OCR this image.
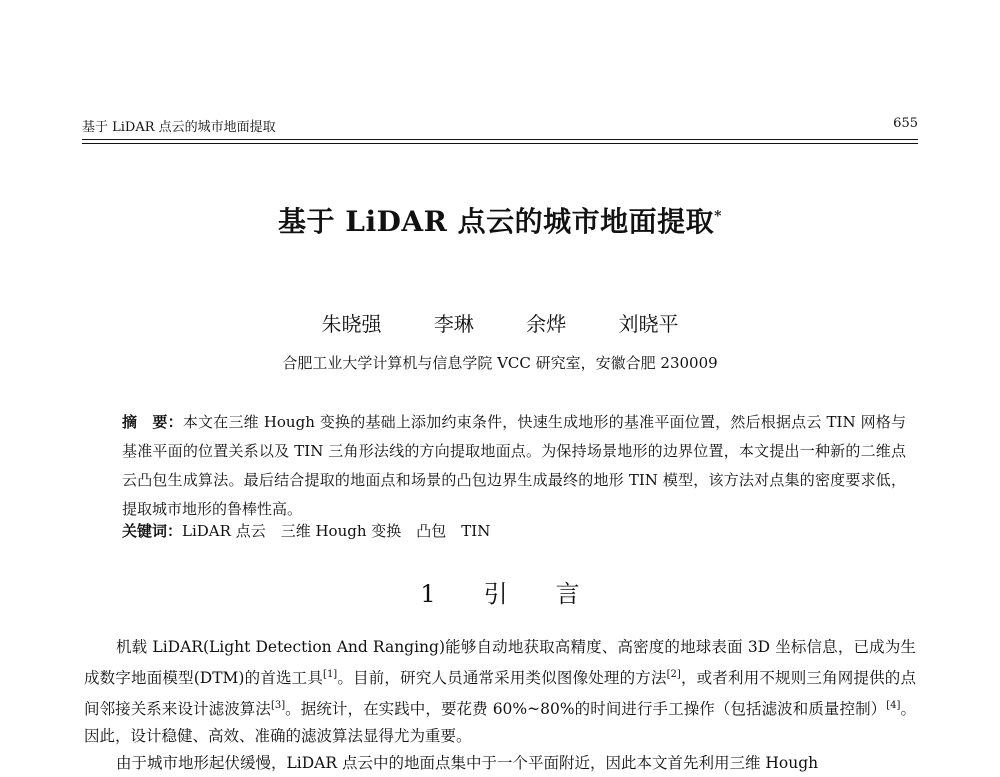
基于 LiDAR 点云的城市地面提取	655
基于 LiDAR 点云的城市地面提取*
朱晓强	李琳	余烨	刘晓平
合肥工业大学计算机与信息学院 VCC 研究室，安徽合肥 230009
摘　要：本文在三维 Hough 变换的基础上添加约束条件，快速生成地形的基准平面位置，然后根据点云 TIN 网格与基准平面的位置关系以及 TIN 三角形法线的方向提取地面点。为保持场景地形的边界位置，本文提出一种新的二维点云凸包生成算法。最后结合提取的地面点和场景的凸包边界生成最终的地形 TIN 模型，该方法对点集的密度要求低，提取城市地形的鲁棒性高。
关键词：LiDAR 点云　三维 Hough 变换　凸包　TIN
1 引 言

机载 LiDAR(Light Detection And Ranging)能够自动地获取高精度、高密度的地球表面 3D 坐标信息，已成为生成数字地面模型(DTM)的首选工具[1]。目前，研究人员通常采用类似图像处理的方法[2]，或者利用不规则三角网提供的点间邻接关系来设计滤波算法[3]。据统计，在实践中，要花费 60%~80%的时间进行手工操作（包括滤波和质量控制）[4]。因此，设计稳健、高效、准确的滤波算法显得尤为重要。

由于城市地形起伏缓慢，LiDAR 点云中的地面点集中于一个平面附近，因此本文首先利用三维 Hough
